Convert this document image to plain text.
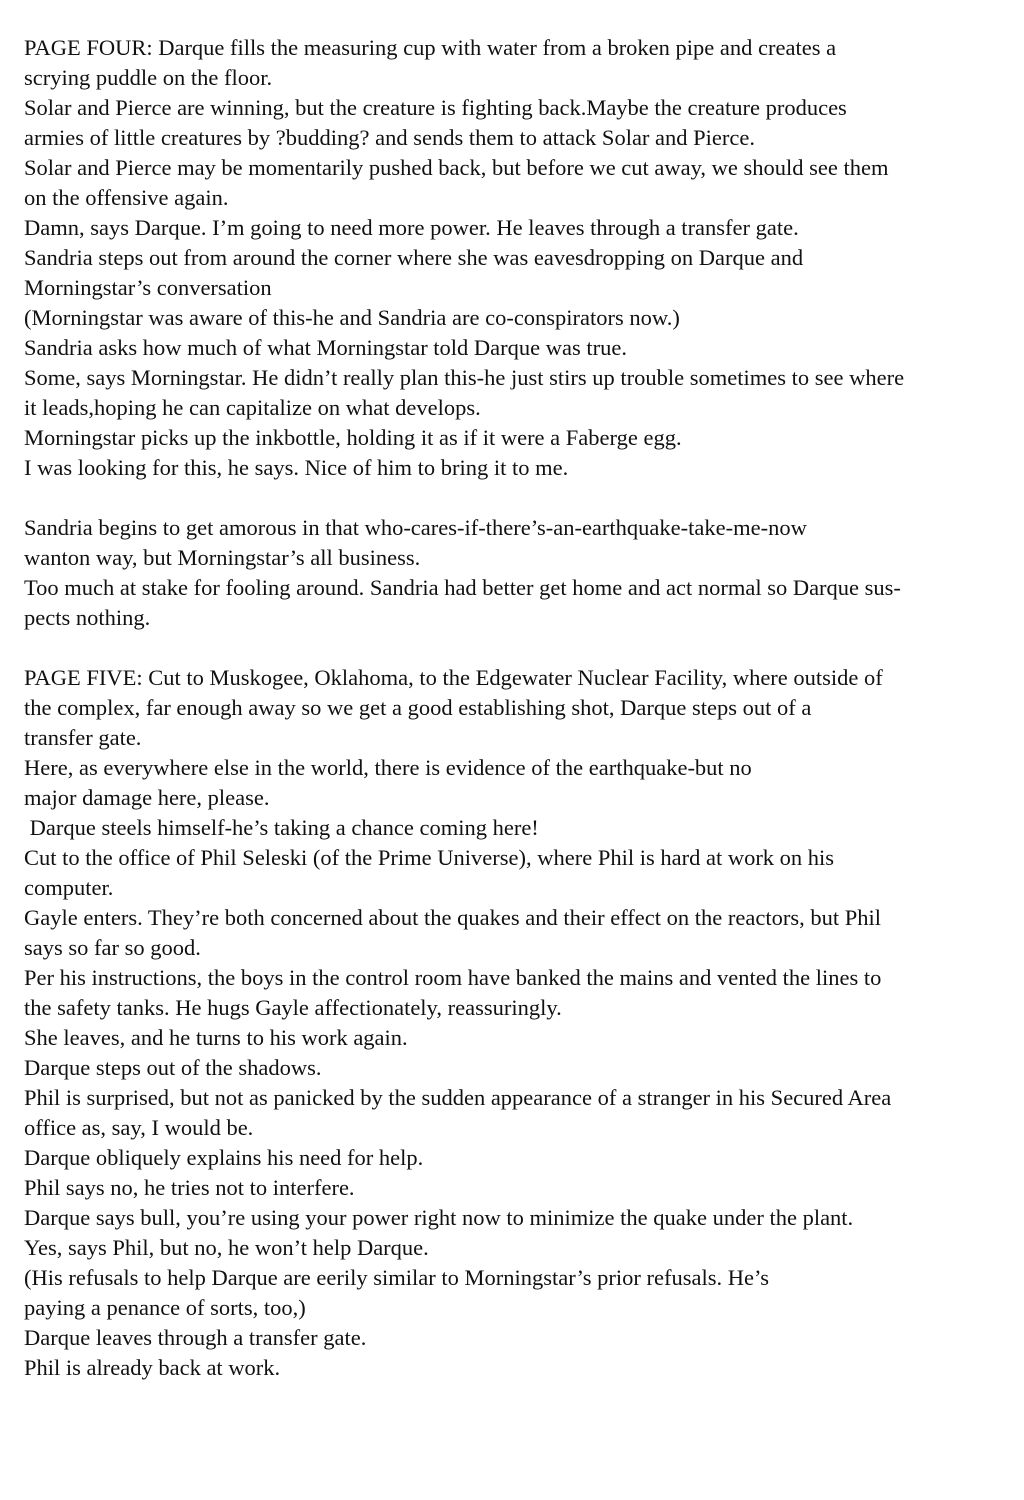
PAGE FOUR: Darque fills the measuring cup with water from a broken pipe and creates a
scrying puddle on the floor.
Solar and Pierce are winning, but the creature is fighting back.Maybe the creature produces
armies of little creatures by ?budding? and sends them to attack Solar and Pierce.
Solar and Pierce may be momentarily pushed back, but before we cut away, we should see them
on the offensive again.
Damn, says Darque. I’m going to need more power. He leaves through a transfer gate.
Sandria steps out from around the corner where she was eavesdropping on Darque and
Morningstar’s conversation
(Morningstar was aware of this-he and Sandria are co-conspirators now.)
Sandria asks how much of what Morningstar told Darque was true.
Some, says Morningstar. He didn’t really plan this-he just stirs up trouble sometimes to see where
it leads,hoping he can capitalize on what develops.
Morningstar picks up the inkbottle, holding it as if it were a Faberge egg.
I was looking for this, he says. Nice of him to bring it to me.
Sandria begins to get amorous in that who-cares-if-there’s-an-earthquake-take-me-now
wanton way, but Morningstar’s all business.
Too much at stake for fooling around. Sandria had better get home and act normal so Darque sus-
pects nothing.
PAGE FIVE: Cut to Muskogee, Oklahoma, to the Edgewater Nuclear Facility, where outside of
the complex, far enough away so we get a good establishing shot, Darque steps out of a
transfer gate.
Here, as everywhere else in the world, there is evidence of the earthquake-but no
major damage here, please.
Darque steels himself-he’s taking a chance coming here!
Cut to the office of Phil Seleski (of the Prime Universe), where Phil is hard at work on his
computer.
Gayle enters. They’re both concerned about the quakes and their effect on the reactors, but Phil
says so far so good.
Per his instructions, the boys in the control room have banked the mains and vented the lines to
the safety tanks. He hugs Gayle affectionately, reassuringly.
She leaves, and he turns to his work again.
Darque steps out of the shadows.
Phil is surprised, but not as panicked by the sudden appearance of a stranger in his Secured Area
office as, say, I would be.
Darque obliquely explains his need for help.
Phil says no, he tries not to interfere.
Darque says bull, you’re using your power right now to minimize the quake under the plant.
Yes, says Phil, but no, he won’t help Darque.
(His refusals to help Darque are eerily similar to Morningstar’s prior refusals. He’s
paying a penance of sorts, too,)
Darque leaves through a transfer gate.
Phil is already back at work.
